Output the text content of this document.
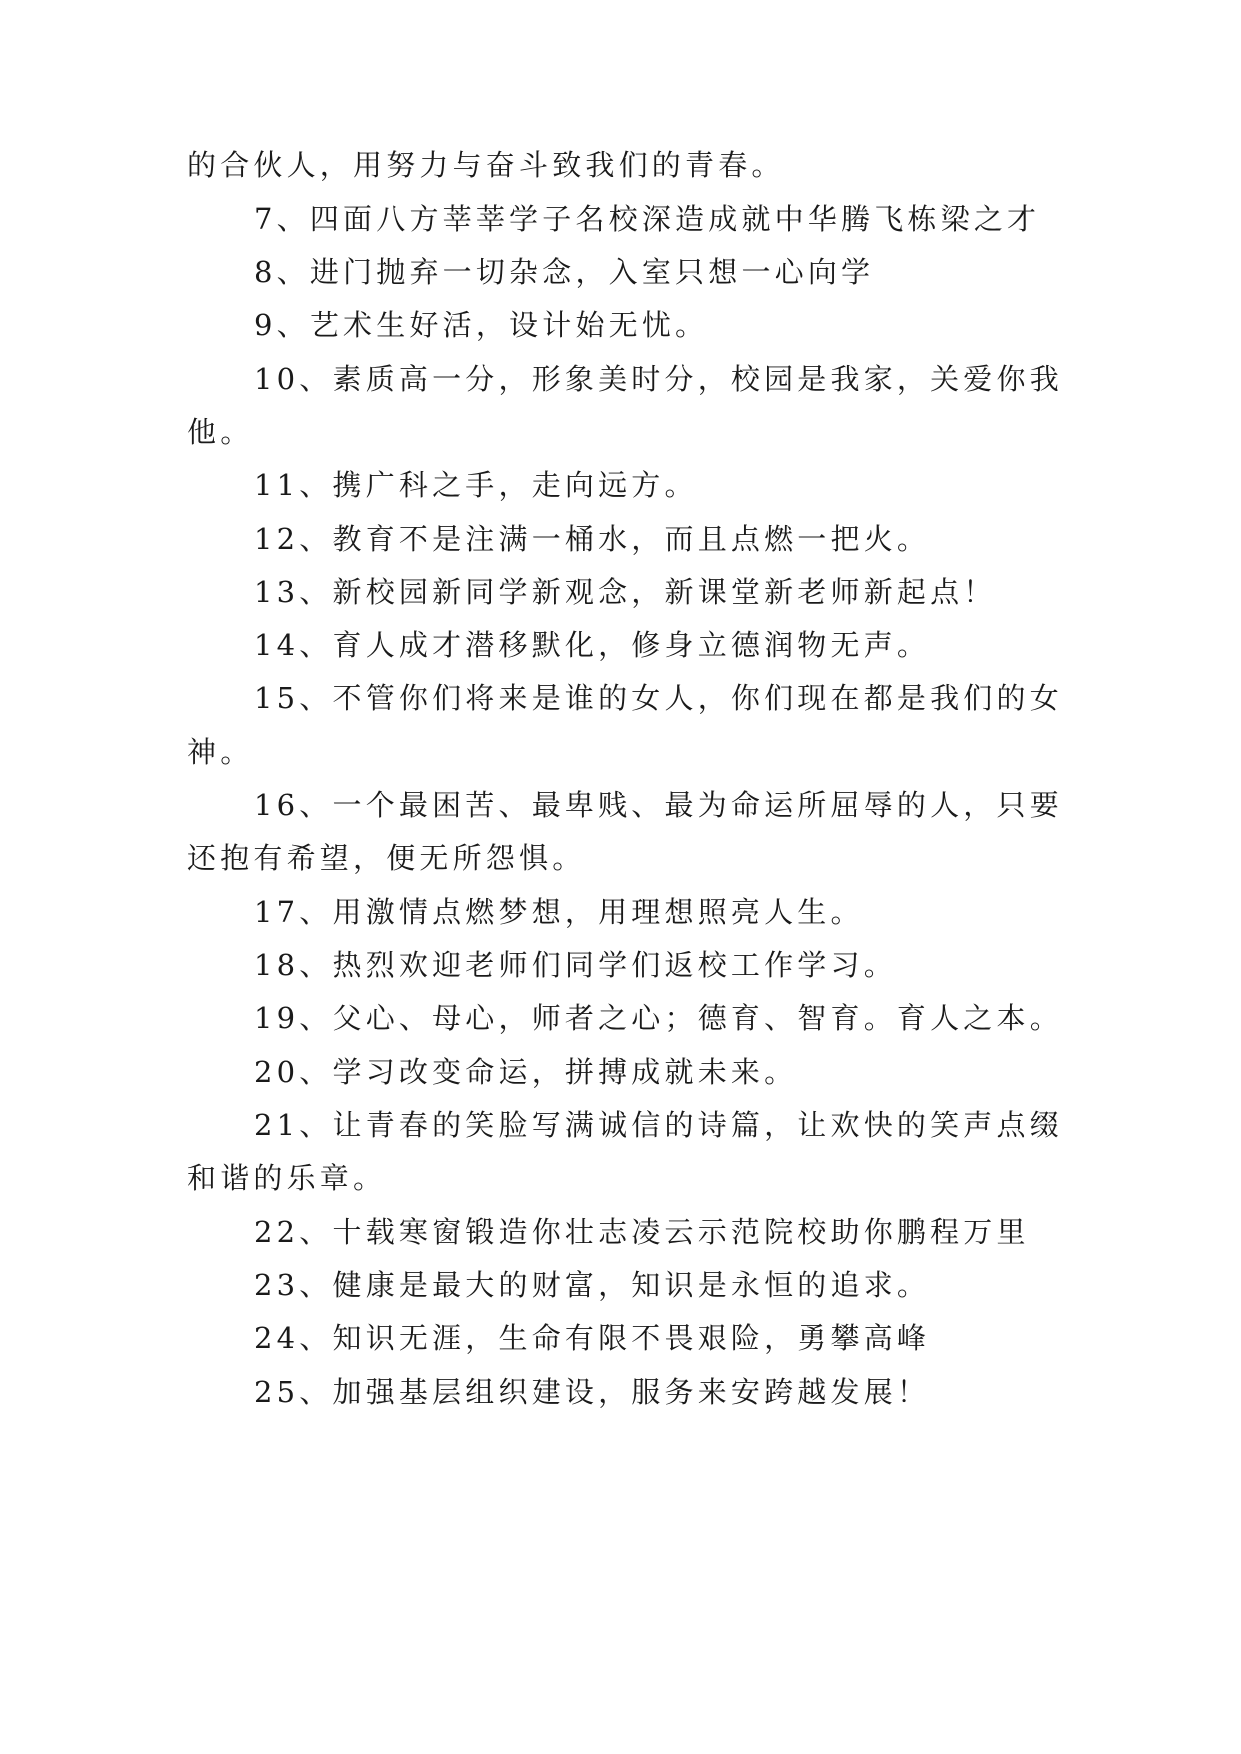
的合伙人，用努力与奋斗致我们的青春。
7、四面八方莘莘学子名校深造成就中华腾飞栋梁之才
8、进门抛弃一切杂念，入室只想一心向学
9、艺术生好活，设计始无忧。
10、素质高一分，形象美时分，校园是我家，关爱你我
他。
11、携广科之手，走向远方。
12、教育不是注满一桶水，而且点燃一把火。
13、新校园新同学新观念，新课堂新老师新起点！
14、育人成才潜移默化，修身立德润物无声。
15、不管你们将来是谁的女人，你们现在都是我们的女
神。
16、一个最困苦、最卑贱、最为命运所屈辱的人，只要
还抱有希望，便无所怨惧。
17、用激情点燃梦想，用理想照亮人生。
18、热烈欢迎老师们同学们返校工作学习。
19、父心、母心，师者之心；德育、智育。育人之本。
20、学习改变命运，拼搏成就未来。
21、让青春的笑脸写满诚信的诗篇，让欢快的笑声点缀
和谐的乐章。
22、十载寒窗锻造你壮志凌云示范院校助你鹏程万里
23、健康是最大的财富，知识是永恒的追求。
24、知识无涯，生命有限不畏艰险，勇攀高峰
25、加强基层组织建设，服务来安跨越发展！
